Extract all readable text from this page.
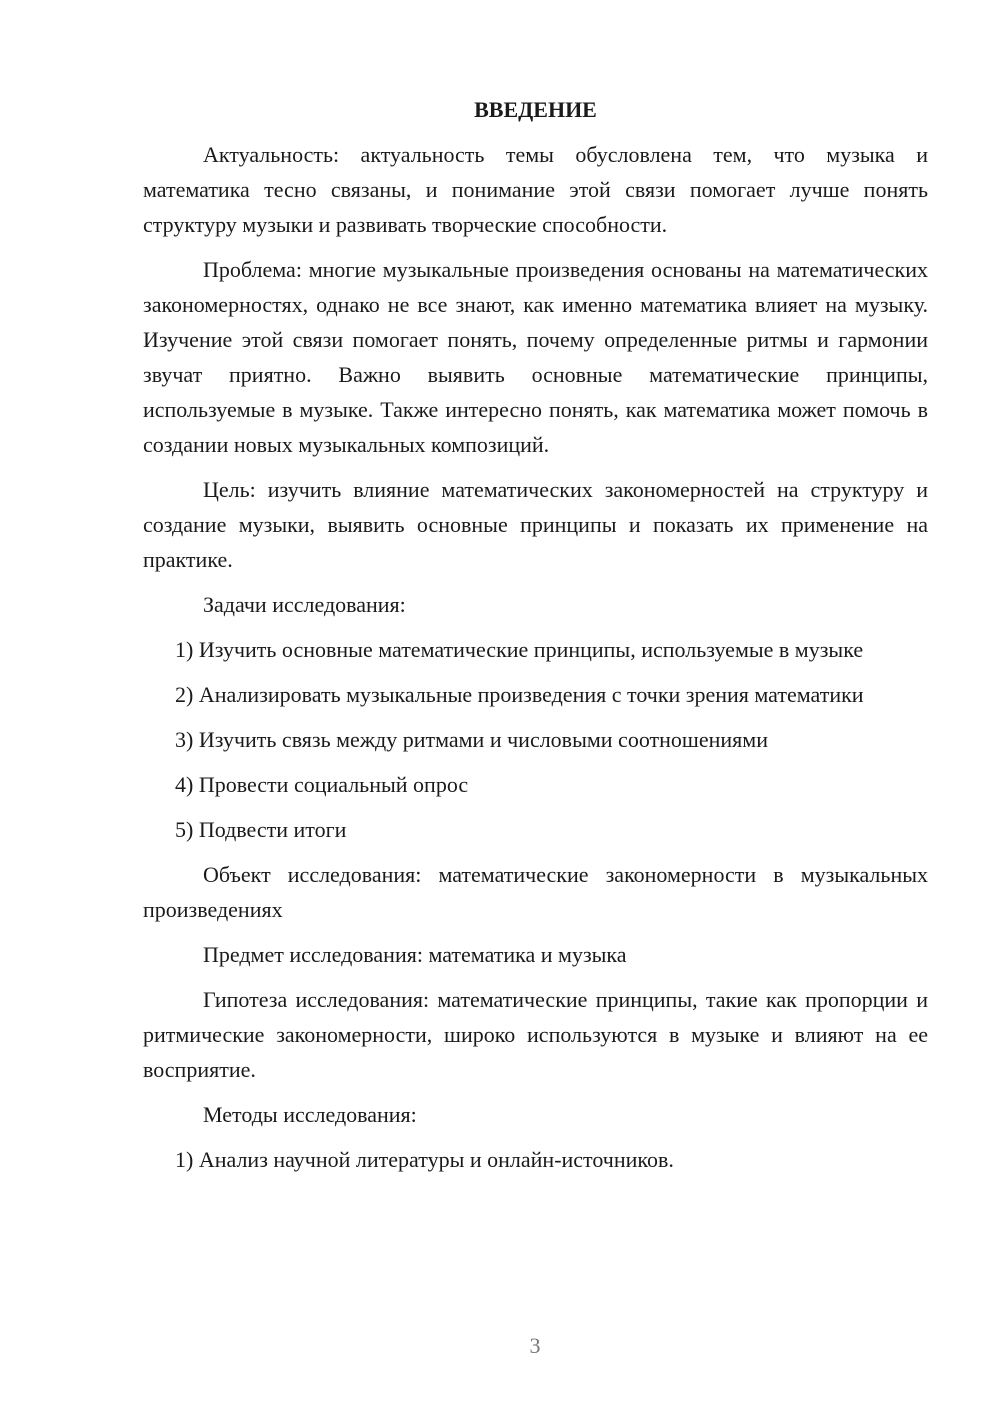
ВВЕДЕНИЕ

Актуальность: актуальность темы обусловлена тем, что музыка и математика тесно связаны, и понимание этой связи помогает лучше понять структуру музыки и развивать творческие способности.

Проблема: многие музыкальные произведения основаны на математических закономерностях, однако не все знают, как именно математика влияет на музыку. Изучение этой связи помогает понять, почему определенные ритмы и гармонии звучат приятно. Важно выявить основные математические принципы, используемые в музыке. Также интересно понять, как математика может помочь в создании новых музыкальных композиций.

Цель: изучить влияние математических закономерностей на структуру и создание музыки, выявить основные принципы и показать их применение на практике.

Задачи исследования:

1) Изучить основные математические принципы, используемые в музыке

2) Анализировать музыкальные произведения с точки зрения математики

3) Изучить связь между ритмами и числовыми соотношениями

4) Провести социальный опрос

5) Подвести итоги

Объект исследования: математические закономерности в музыкальных произведениях

Предмет исследования: математика и музыка

Гипотеза исследования: математические принципы, такие как пропорции и ритмические закономерности, широко используются в музыке и влияют на ее восприятие.

Методы исследования:

1) Анализ научной литературы и онлайн-источников.

3
